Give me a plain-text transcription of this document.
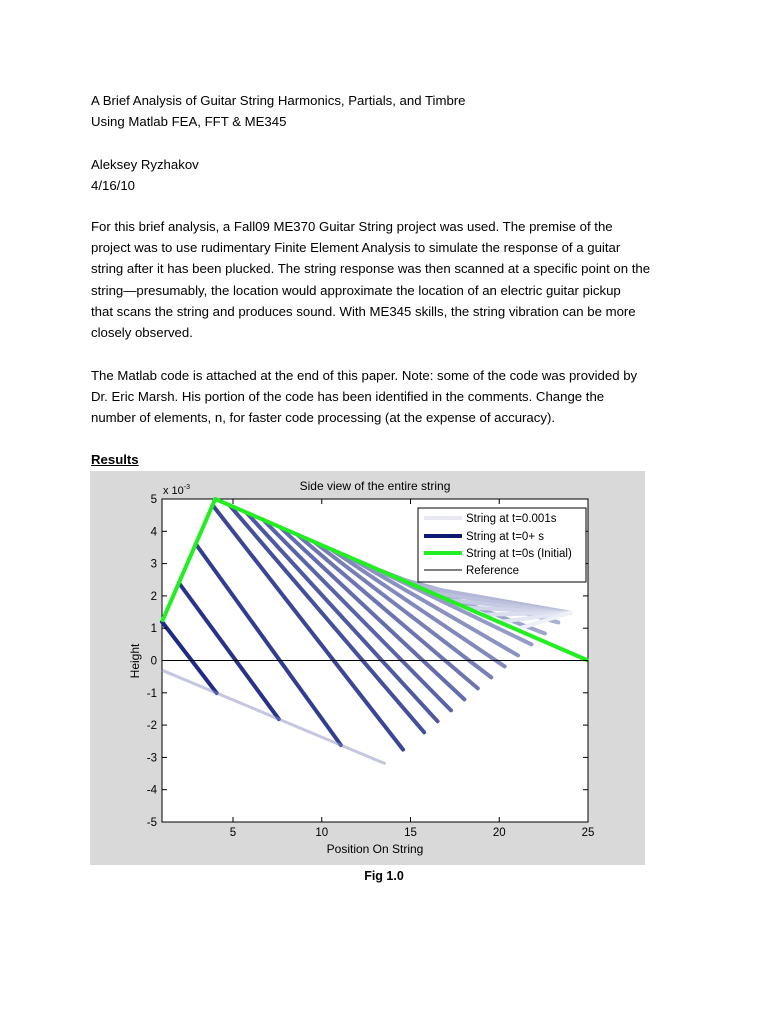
A Brief Analysis of Guitar String Harmonics, Partials, and Timbre
Using Matlab FEA, FFT & ME345
Aleksey Ryzhakov
4/16/10
For this brief analysis, a Fall09 ME370 Guitar String project was used. The premise of the
project was to use rudimentary Finite Element Analysis to simulate the response of a guitar
string after it has been plucked. The string response was then scanned at a specific point on the
string—presumably, the location would approximate the location of an electric guitar pickup
that scans the string and produces sound. With ME345 skills, the string vibration can be more
closely observed.
The Matlab code is attached at the end of this paper. Note: some of the code was provided by
Dr. Eric Marsh. His portion of the code has been identified in the comments. Change the
number of elements, n, for faster code processing (at the expense of accuracy).
Results
5	10	15	20	25
-5
-4
-3
-2
-1
0
1
2
3
4
5
Side view of the entire string
Position On String
Height
x $10^{-3}$
String at t=0.001s
String at t=0+ s
String at t=0s (Initial)
Reference
Fig 1.0
